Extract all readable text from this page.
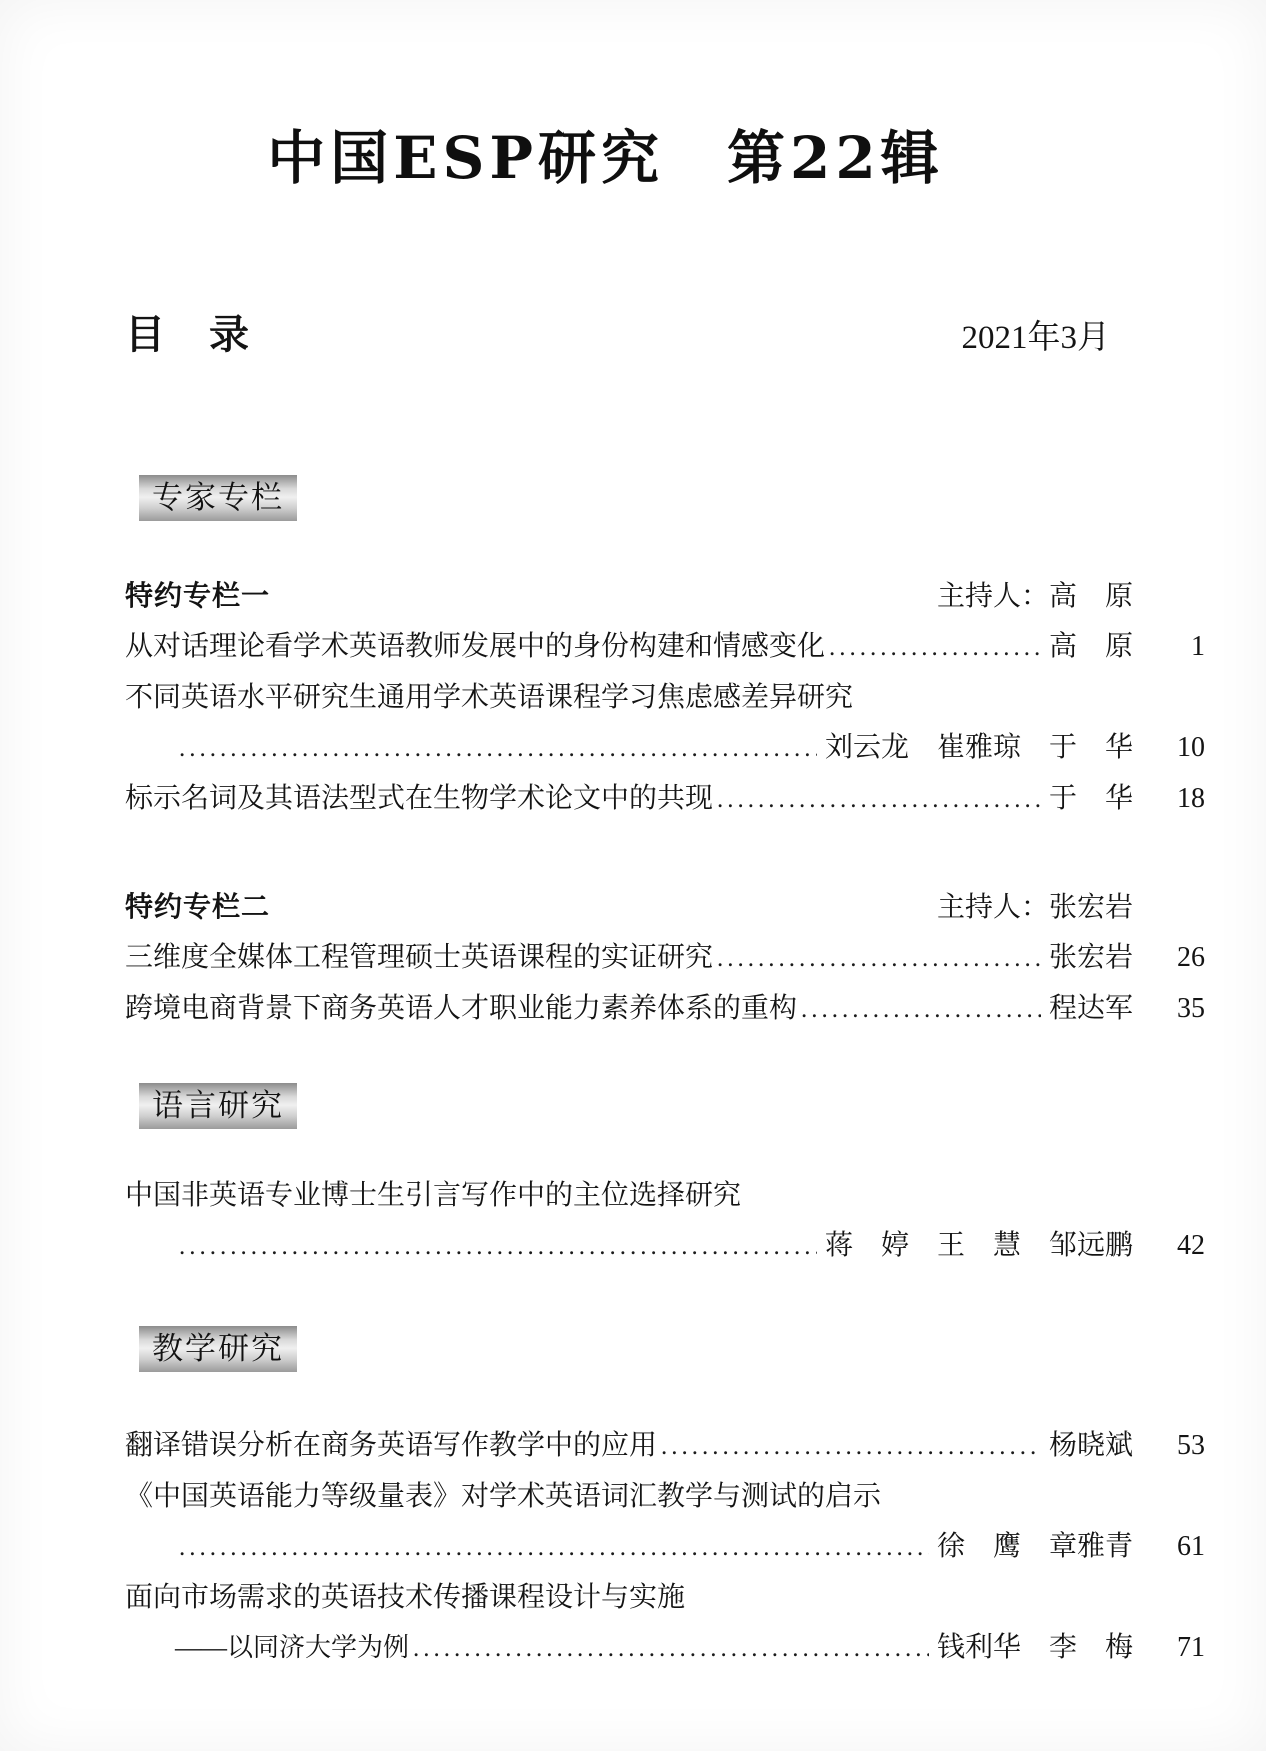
中国ESP研究　第22辑
目　录	2021年3月
专家专栏
特约专栏一	主持人：高　原
从对话理论看学术英语教师发展中的身份构建和情感变化 .....	高　原	1
不同英语水平研究生通用学术英语课程学习焦虑感差异研究
.....
刘云龙　崔雅琼　于　华	10
标示名词及其语法型式在生物学术论文中的共现 .....	于　华	18
特约专栏二	主持人：张宏岩
三维度全媒体工程管理硕士英语课程的实证研究 .....	张宏岩	26
跨境电商背景下商务英语人才职业能力素养体系的重构 .....	程达军	35
语言研究
中国非英语专业博士生引言写作中的主位选择研究
.....
蒋　婷　王　慧　邹远鹏	42
教学研究
翻译错误分析在商务英语写作教学中的应用 .....	杨晓斌	53
《中国英语能力等级量表》对学术英语词汇教学与测试的启示
.....
徐　鹰　章雅青	61
面向市场需求的英语技术传播课程设计与实施
——以同济大学为例 .....	钱利华　李　梅	71
